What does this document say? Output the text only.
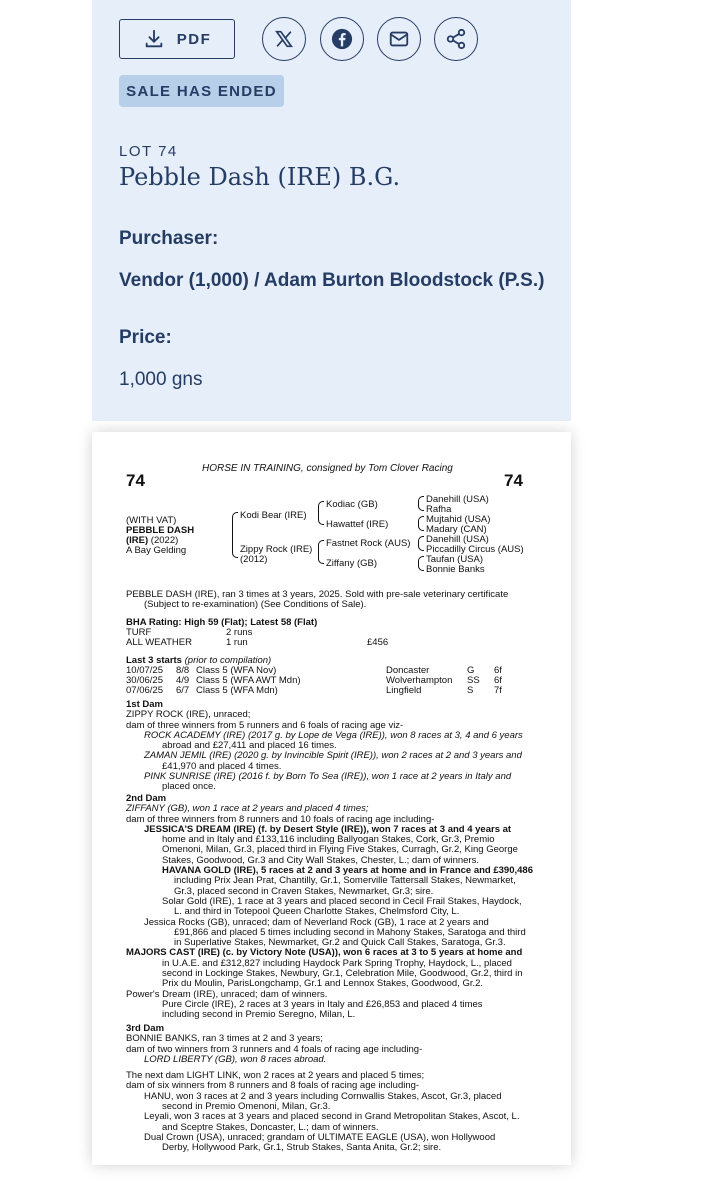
PDF
SALE HAS ENDED
LOT 74
Pebble Dash (IRE) B.G.
Purchaser:
Vendor (1,000) / Adam Burton Bloodstock (P.S.)
Price:
1,000 gns
HORSE IN TRAINING, consigned by Tom Clover Racing
74	74
(WITH VAT)
PEBBLE DASH
(IRE) (2022)
A Bay Gelding
Kodi Bear (IRE)
Zippy Rock (IRE)
(2012)
Kodiac (GB)
Hawattef (IRE)
Fastnet Rock (AUS)
Ziffany (GB)
Danehill (USA)
Rafha
Mujtahid (USA)
Madary (CAN)
Danehill (USA)
Piccadilly Circus (AUS)
Taufan (USA)
Bonnie Banks
PEBBLE DASH (IRE), ran 3 times at 3 years, 2025. Sold with pre-sale veterinary certificate
(Subject to re-examination) (See Conditions of Sale).
BHA Rating: High 59 (Flat); Latest 58 (Flat)
TURF	2 runs
ALL WEATHER	1 run	£456
Last 3 starts (prior to compilation)
10/07/25 8/8 Class 5 (WFA Nov)	Doncaster	G 6f
30/06/25 4/9 Class 5 (WFA AWT Mdn)	Wolverhampton SS 6f
07/06/25 6/7 Class 5 (WFA Mdn)	Lingfield	S 7f
1st Dam
ZIPPY ROCK (IRE), unraced;
dam of three winners from 5 runners and 6 foals of racing age viz-
ROCK ACADEMY (IRE) (2017 g. by Lope de Vega (IRE)), won 8 races at 3, 4 and 6 years
abroad and £27,411 and placed 16 times.
ZAMAN JEMIL (IRE) (2020 g. by Invincible Spirit (IRE)), won 2 races at 2 and 3 years and
£41,970 and placed 4 times.
PINK SUNRISE (IRE) (2016 f. by Born To Sea (IRE)), won 1 race at 2 years in Italy and
placed once.
2nd Dam
ZIFFANY (GB), won 1 race at 2 years and placed 4 times;
dam of three winners from 8 runners and 10 foals of racing age including-
JESSICA'S DREAM (IRE) (f. by Desert Style (IRE)), won 7 races at 3 and 4 years at
home and in Italy and £133,116 including Ballyogan Stakes, Cork, Gr.3, Premio
Omenoni, Milan, Gr.3, placed third in Flying Five Stakes, Curragh, Gr.2, King George
Stakes, Goodwood, Gr.3 and City Wall Stakes, Chester, L.; dam of winners.
HAVANA GOLD (IRE), 5 races at 2 and 3 years at home and in France and £390,486
including Prix Jean Prat, Chantilly, Gr.1, Somerville Tattersall Stakes, Newmarket,
Gr.3, placed second in Craven Stakes, Newmarket, Gr.3; sire.
Solar Gold (IRE), 1 race at 3 years and placed second in Cecil Frail Stakes, Haydock,
L. and third in Totepool Queen Charlotte Stakes, Chelmsford City, L.
Jessica Rocks (GB), unraced; dam of Neverland Rock (GB), 1 race at 2 years and
£91,866 and placed 5 times including second in Mahony Stakes, Saratoga and third
in Superlative Stakes, Newmarket, Gr.2 and Quick Call Stakes, Saratoga, Gr.3.
MAJORS CAST (IRE) (c. by Victory Note (USA)), won 6 races at 3 to 5 years at home and
in U.A.E. and £312,827 including Haydock Park Spring Trophy, Haydock, L., placed
second in Lockinge Stakes, Newbury, Gr.1, Celebration Mile, Goodwood, Gr.2, third in
Prix du Moulin, ParisLongchamp, Gr.1 and Lennox Stakes, Goodwood, Gr.2.
Power's Dream (IRE), unraced; dam of winners.
Pure Circle (IRE), 2 races at 3 years in Italy and £26,853 and placed 4 times
including second in Premio Seregno, Milan, L.
3rd Dam
BONNIE BANKS, ran 3 times at 2 and 3 years;
dam of two winners from 3 runners and 4 foals of racing age including-
LORD LIBERTY (GB), won 8 races abroad.
The next dam LIGHT LINK, won 2 races at 2 years and placed 5 times;
dam of six winners from 8 runners and 8 foals of racing age including-
HANU, won 3 races at 2 and 3 years including Cornwallis Stakes, Ascot, Gr.3, placed
second in Premio Omenoni, Milan, Gr.3.
Leyali, won 3 races at 3 years and placed second in Grand Metropolitan Stakes, Ascot, L.
and Sceptre Stakes, Doncaster, L.; dam of winners.
Dual Crown (USA), unraced; grandam of ULTIMATE EAGLE (USA), won Hollywood
Derby, Hollywood Park, Gr.1, Strub Stakes, Santa Anita, Gr.2; sire.
